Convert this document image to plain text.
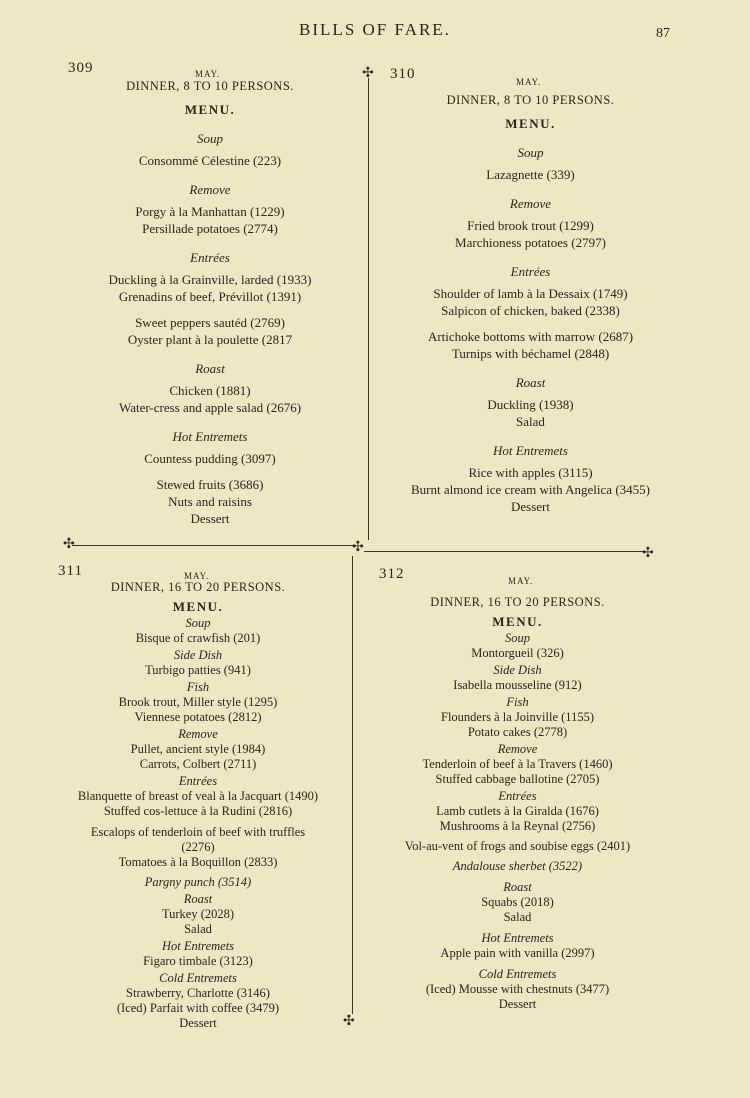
BILLS OF FARE.	87
✣
✣	✣	✣
✣
309	MAY.
DINNER, 8 TO 10 PERSONS.
MENU.
Soup
Consommé Célestine (223)
Remove
Porgy à la Manhattan (1229)
Persillade potatoes (2774)
Entrées
Duckling à la Grainville, larded (1933)
Grenadins of beef, Prévillot (1391)
Sweet peppers sautéd (2769)
Oyster plant à la poulette (2817
Roast
Chicken (1881)
Water-cress and apple salad (2676)
Hot Entremets
Countess pudding (3097)
Stewed fruits (3686)
Nuts and raisins
Dessert
310	MAY.
DINNER, 8 TO 10 PERSONS.
MENU.
Soup
Lazagnette (339)
Remove
Fried brook trout (1299)
Marchioness potatoes (2797)
Entrées
Shoulder of lamb à la Dessaix (1749)
Salpicon of chicken, baked (2338)
Artichoke bottoms with marrow (2687)
Turnips with béchamel (2848)
Roast
Duckling (1938)
Salad
Hot Entremets
Rice with apples (3115)
Burnt almond ice cream with Angelica (3455)
Dessert
311	MAY.
DINNER, 16 TO 20 PERSONS.
MENU.
Soup
Bisque of crawfish (201)
Side Dish
Turbigo patties (941)
Fish
Brook trout, Miller style (1295)
Viennese potatoes (2812)
Remove
Pullet, ancient style (1984)
Carrots, Colbert (2711)
Entrées
Blanquette of breast of veal à la Jacquart (1490)
Stuffed cos-lettuce à la Rudini (2816)
Escalops of tenderloin of beef with truffles (2276)
Tomatoes à la Boquillon (2833)
Pargny punch (3514)
Roast
Turkey (2028)
Salad
Hot Entremets
Figaro timbale (3123)
Cold Entremets
Strawberry, Charlotte (3146)
(Iced) Parfait with coffee (3479)
Dessert
312	MAY.
DINNER, 16 TO 20 PERSONS.
MENU.
Soup
Montorgueil (326)
Side Dish
Isabella mousseline (912)
Fish
Flounders à la Joinville (1155)
Potato cakes (2778)
Remove
Tenderloin of beef à la Travers (1460)
Stuffed cabbage ballotine (2705)
Entrées
Lamb cutlets à la Giralda (1676)
Mushrooms à la Reynal (2756)
Vol-au-vent of frogs and soubise eggs (2401)
Andalouse sherbet (3522)
Roast
Squabs (2018)
Salad
Hot Entremets
Apple pain with vanilla (2997)
Cold Entremets
(Iced) Mousse with chestnuts (3477)
Dessert
